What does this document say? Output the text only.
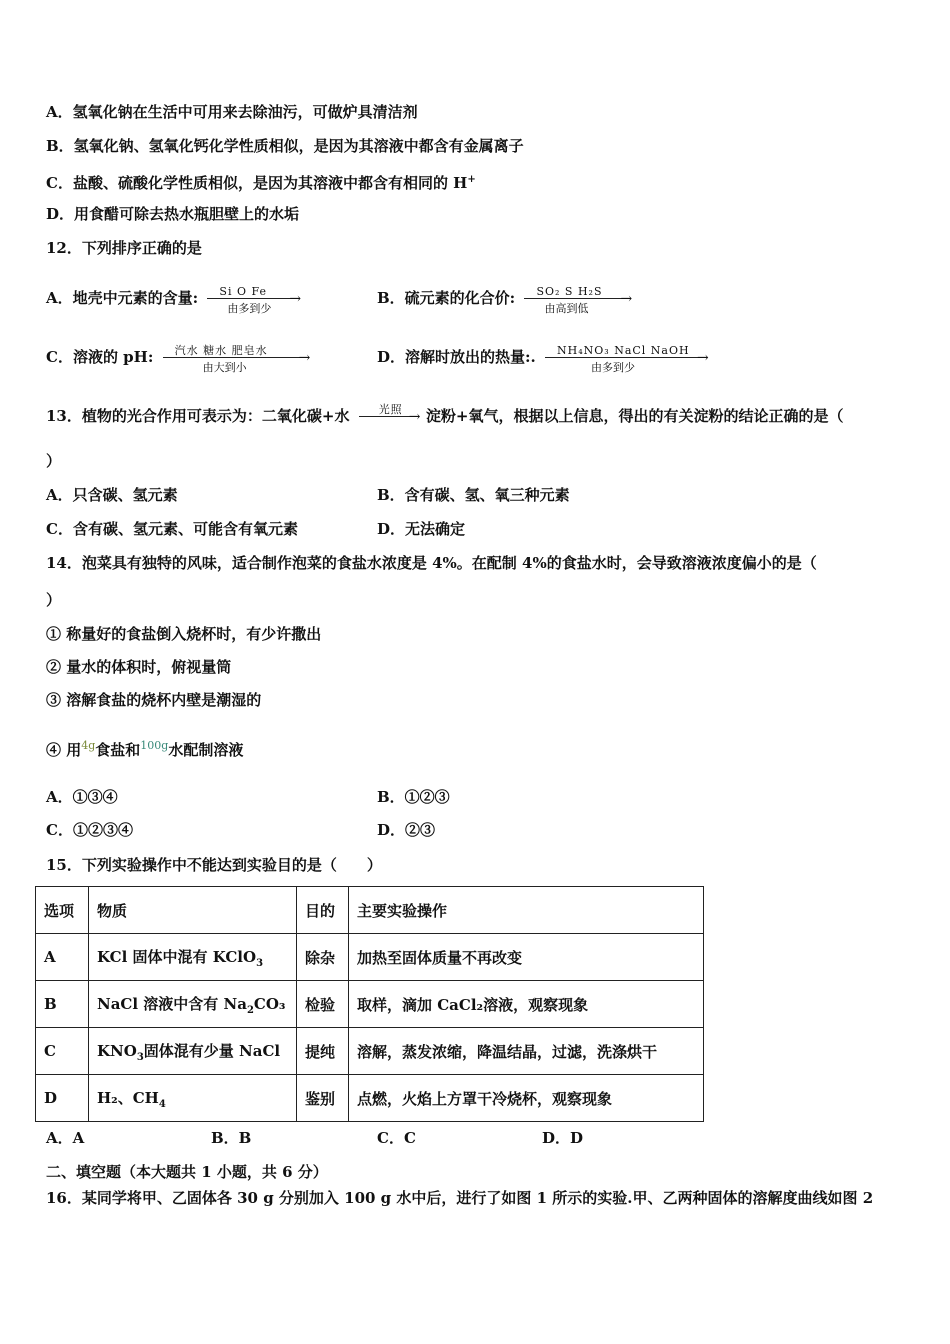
A．氢氧化钠在生活中可用来去除油污，可做炉具清洁剂
B．氢氧化钠、氢氧化钙化学性质相似，是因为其溶液中都含有金属离子
C．盐酸、硫酸化学性质相似，是因为其溶液中都含有相同的 H+
D．用食醋可除去热水瓶胆壁上的水垢
12．下列排序正确的是
A．地壳中元素的含量: Si O Fe →
由多到少
B．硫元素的化合价: SO₂ S H₂S →
由高到低
C．溶液的 pH: 汽水 糖水 肥皂水 →
由大到小
D．溶解时放出的热量:. NH₄NO₃ NaCl NaOH →
由多到少
13．植物的光合作用可表示为：二氧化碳+水	光照 → 淀粉+氧气，根据以上信息，得出的有关淀粉的结论正确的是（
）
A．只含碳、氢元素	B．含有碳、氢、氧三种元素
C．含有碳、氢元素、可能含有氧元素	D．无法确定
14．泡菜具有独特的风味，适合制作泡菜的食盐水浓度是 4%。在配制 4%的食盐水时，会导致溶液浓度偏小的是（
）
① 称量好的食盐倒入烧杯时，有少许撒出
② 量水的体积时，俯视量筒
③ 溶解食盐的烧杯内壁是潮湿的
④ 用$^{4g}$食盐和$^{100g}$水配制溶液
A．①③④	B．①②③
C．①②③④	D．②③
15．下列实验操作中不能达到实验目的是（　　）
选项	物质	目的	主要实验操作
A	KCl 固体中混有 KClO$_3$	除杂	加热至固体质量不再改变
B	NaCl 溶液中含有 $Na_2CO_3$	检验	取样，滴加 CaCl₂溶液，观察现象
C	$KNO_3$固体混有少量 NaCl	提纯	溶解，蒸发浓缩，降温结晶，过滤，洗涤烘干
D	H₂、$CH_4$	鉴别	点燃，火焰上方罩干冷烧杯，观察现象
A．A	B．B	C．C	D．D
二、填空题（本大题共 1 小题，共 6 分）
16．某同学将甲、乙固体各 30 g 分别加入 100 g 水中后，进行了如图 1 所示的实验.甲、乙两种固体的溶解度曲线如图 2
